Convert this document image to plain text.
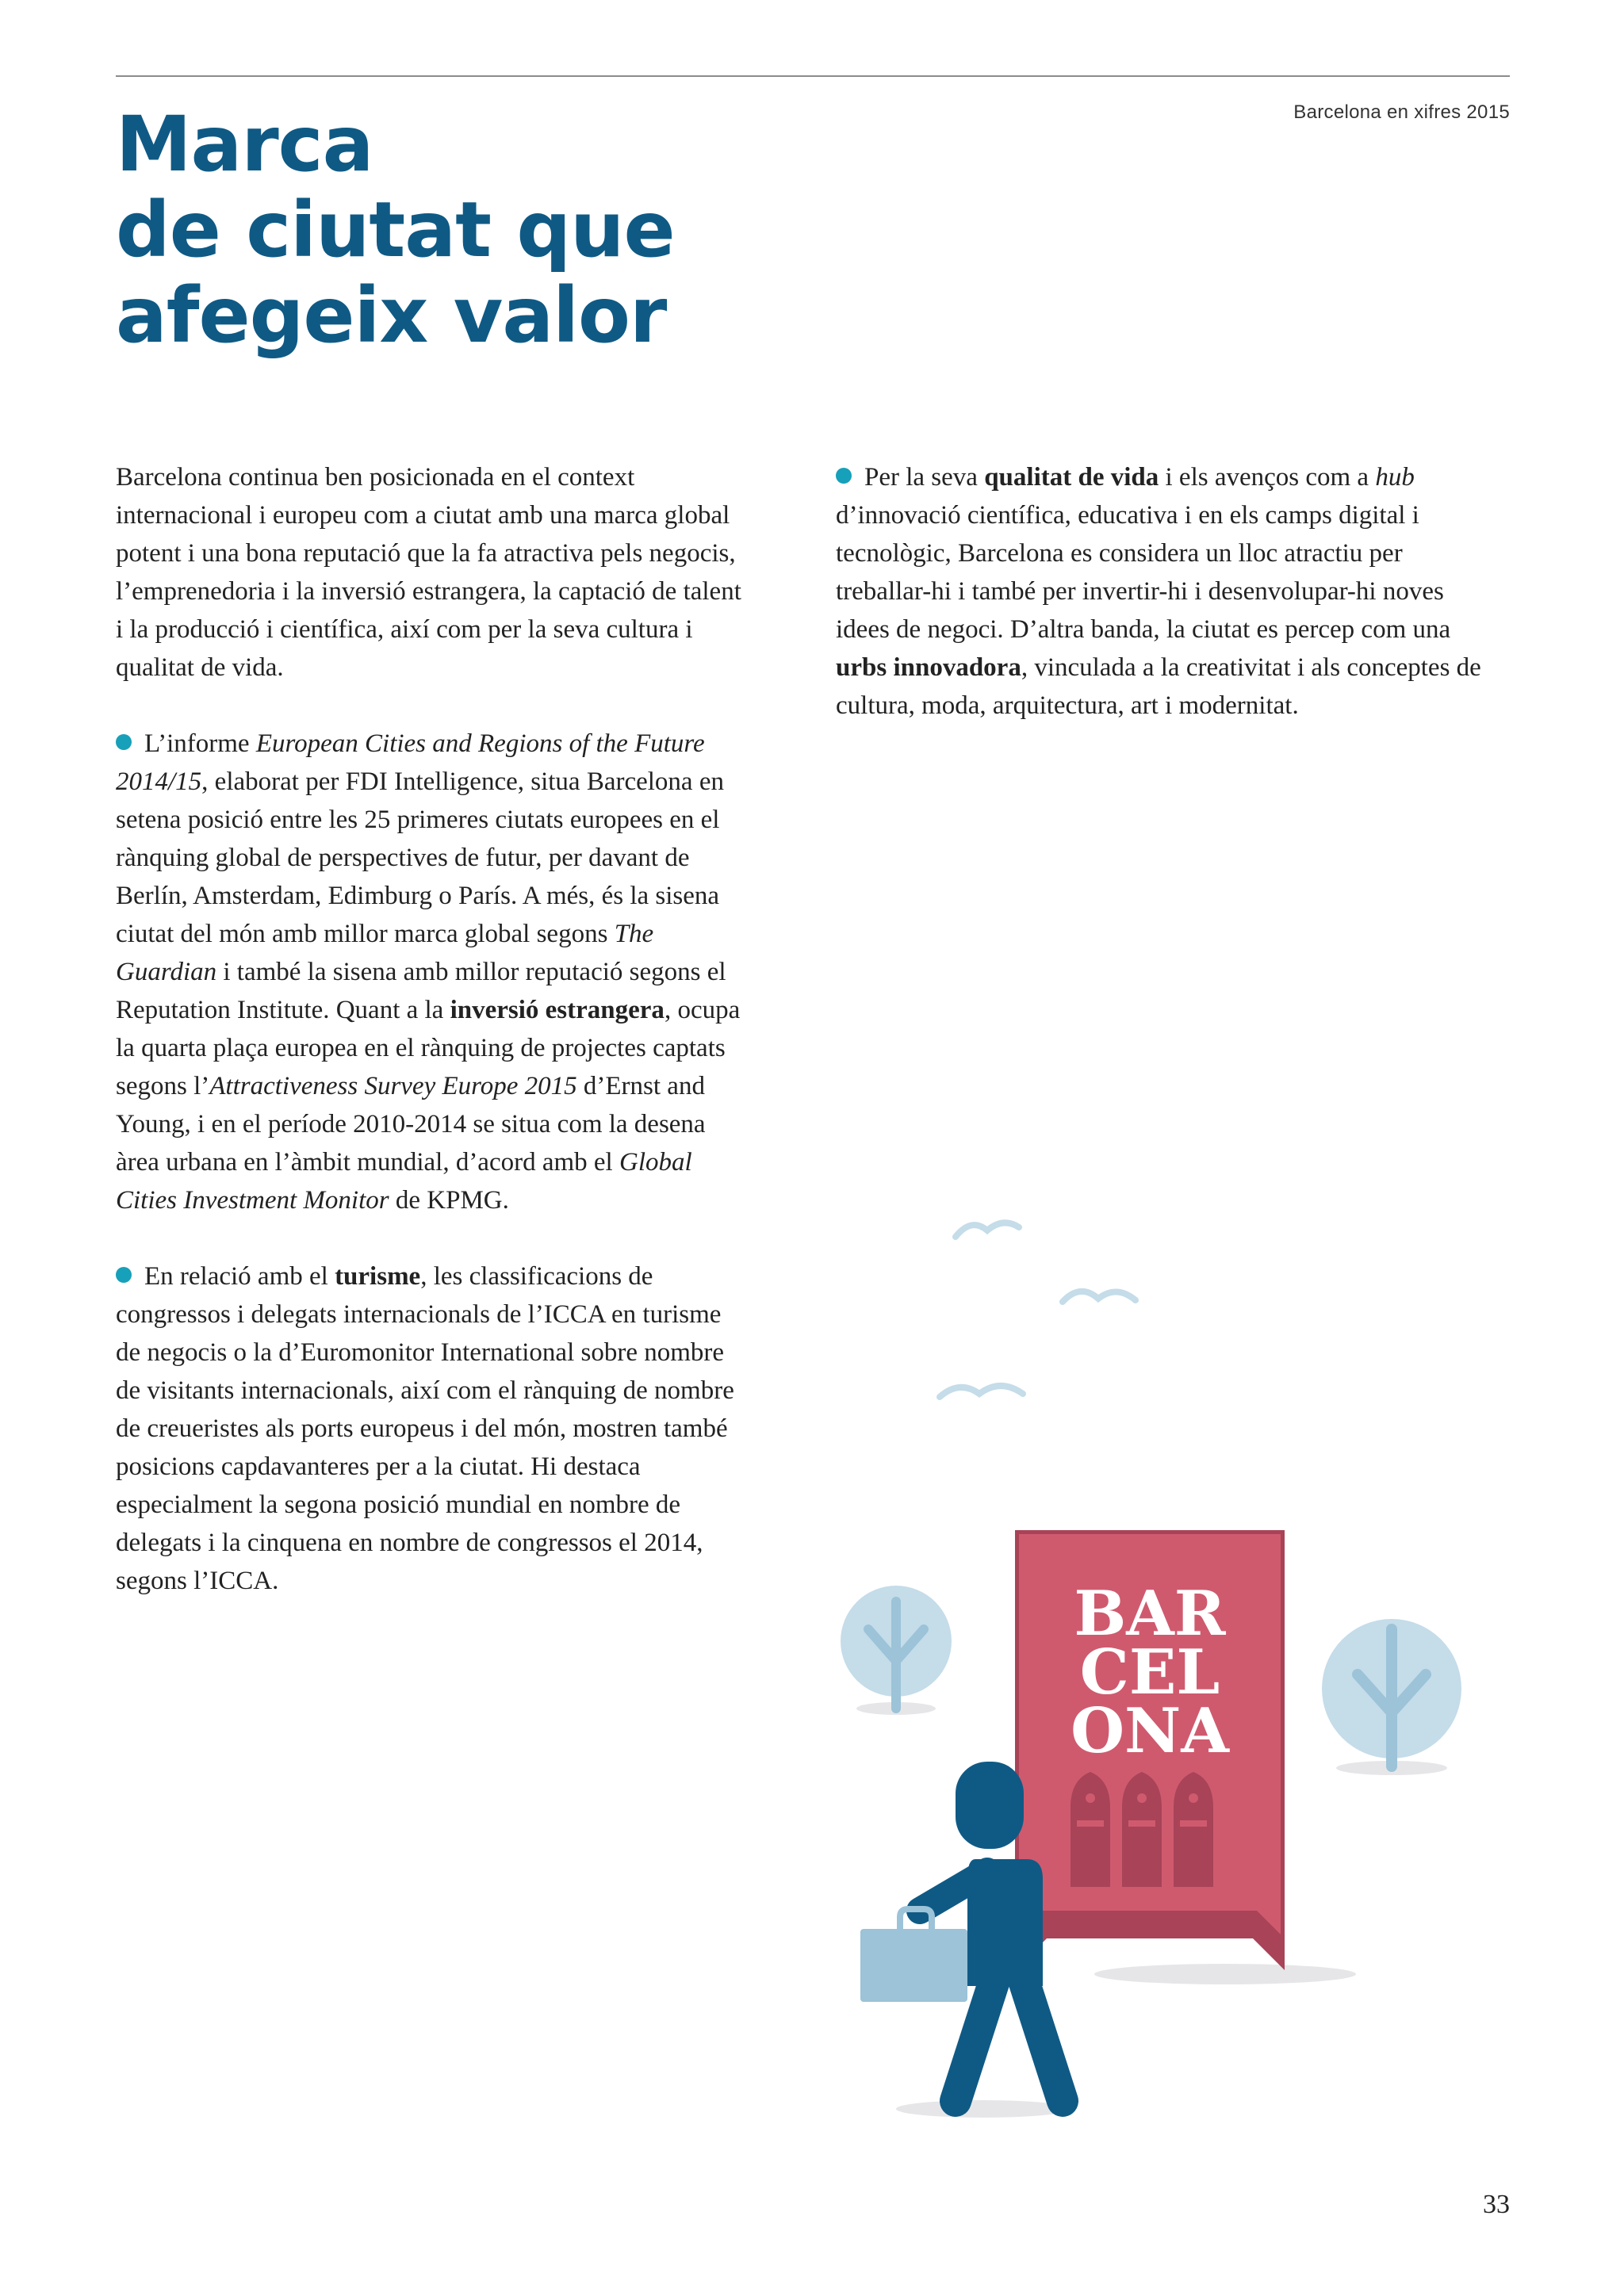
Barcelona en xifres 2015
Marca
de ciutat que
afegeix valor

Barcelona continua ben posicionada en el context internacional i europeu com a ciutat amb una marca global potent i una bona reputació que la fa atractiva pels negocis, l’emprenedoria i la inversió estrangera, la captació de talent i la producció i científica, així com per la seva cultura i qualitat de vida.

L’informe European Cities and Regions of the Future 2014/15, elaborat per FDI Intelligence, situa Barcelona en setena posició entre les 25 primeres ciutats europees en el rànquing global de perspectives de futur, per davant de Berlín, Amsterdam, Edimburg o París. A més, és la sisena ciutat del món amb millor marca global segons The Guardian i també la sisena amb millor reputació segons el Reputation Institute. Quant a la inversió estrangera, ocupa la quarta plaça europea en el rànquing de projectes captats segons l’Attractiveness Survey Europe 2015 d’Ernst and Young, i en el període 2010-2014 se situa com la desena àrea urbana en l’àmbit mundial, d’acord amb el Global Cities Investment Monitor de KPMG.

En relació amb el turisme, les classificacions de congressos i delegats internacionals de l’ICCA en turisme de negocis o la d’Euromonitor International sobre nombre de visitants internacionals, així com el rànquing de nombre de creueristes als ports europeus i del món, mostren també posicions capdavanteres per a la ciutat. Hi destaca especialment la segona posició mundial en nombre de delegats i la cinquena en nombre de congressos el 2014, segons l’ICCA.

Per la seva qualitat de vida i els avenços com a hub d’innovació científica, educativa i en els camps digital i tecnològic, Barcelona es considera un lloc atractiu per treballar-hi i també per invertir-hi i desenvolupar-hi noves idees de negoci. D’altra banda, la ciutat es percep com una urbs innovadora, vinculada a la creativitat i als conceptes de cultura, moda, arquitectura, art i modernitat.

BAR
CEL
ONA
33
